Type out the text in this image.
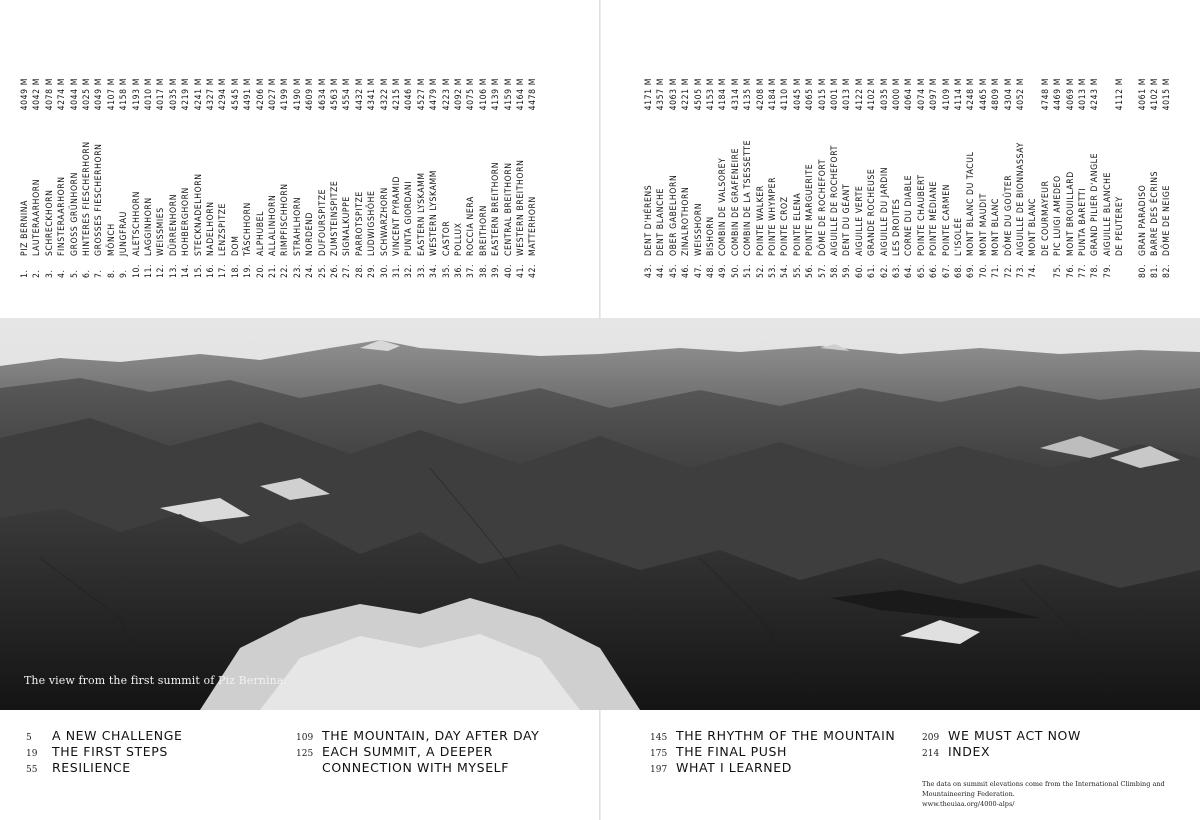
1.
PIZ BERNINA
4049 M
2.
LAUTERAARHORN
4042 M
3.
SCHRECKHORN
4078 M
4.
FINSTERAARHORN
4274 M
5.
GROSS GRÜNHORN
4044 M
6.
HINTERES FIESCHERHORN
4025 M
7.
GROSSES FIESCHERHORN
4049 M
8.
MÖNCH
4107 M
9.
JUNGFRAU
4158 M
10.
ALETSCHHORN
4193 M
11.
LAGGINHORN
4010 M
12.
WEISSMIES
4017 M
13.
DÜRRENHORN
4035 M
14.
HOHBERGHORN
4219 M
15.
STECKNADELHORN
4241 M
16.
NADELHORN
4327 M
17.
LENZSPITZE
4294 M
18.
DOM
4545 M
19.
TÄSCHHORN
4491 M
20.
ALPHUBEL
4206 M
21.
ALLALINHORN
4027 M
22.
RIMPFISCHHORN
4199 M
23.
STRAHLHORN
4190 M
24.
NORDEND
4609 M
25.
DUFOURSPITZE
4634 M
26.
ZUMSTEINSPITZE
4563 M
27.
SIGNALKUPPE
4554 M
28.
PARROTSPITZE
4432 M
29.
LUDWIGSHÖHE
4341 M
30.
SCHWARZHORN
4322 M
31.
VINCENT PYRAMID
4215 M
32.
PUNTA GIORDANI
4046 M
33.
EASTERN LYSKAMM
4527 M
34.
WESTERN LYSKAMM
4479 M
35.
CASTOR
4223 M
36.
POLLUX
4092 M
37.
ROCCIA NERA
4075 M
38.
BREITHORN
4106 M
39.
EASTERN BREITHORN
4139 M
40.
CENTRAL BREITHORN
4159 M
41.
WESTERN BREITHORN
4164 M
42.
MATTERHORN
4478 M
43.
DENT D'HÉRENS
4171 M
44.
DENT BLANCHE
4357 M
45.
OBER GABELHORN
4063 M
46.
ZINALROTHORN
4221 M
47.
WEISSHORN
4505 M
48.
BISHORN
4153 M
49.
COMBIN DE VALSOREY
4184 M
50.
COMBIN DE GRAFENEIRE
4314 M
51.
COMBIN DE LA TSESSETTE
4135 M
52.
POINTE WALKER
4208 M
53.
POINTE WHYMPER
4184 M
54.
POINTE CROZ
4110 M
55.
POINTE ELENA
4045 M
56.
POINTE MARGUERITE
4065 M
57.
DÔME DE ROCHEFORT
4015 M
58.
AIGUILLE DE ROCHEFORT
4001 M
59.
DENT DU GÉANT
4013 M
60.
AIGUILLE VERTE
4122 M
61.
GRANDE ROCHEUSE
4102 M
62.
AIGUILLE DU JARDIN
4035 M
63.
LES DROITES
4000 M
64.
CORNE DU DIABLE
4064 M
65.
POINTE CHAUBERT
4074 M
66.
POINTE MÉDIANE
4097 M
67.
POINTE CARMEN
4109 M
68.
L'ISOLÉE
4114 M
69.
MONT BLANC DU TACUL
4248 M
70.
MONT MAUDIT
4465 M
71.
MONT BLANC
4809 M
72.
DÔME DU GOÛTER
4304 M
73.
AIGUILLE DE BIONNASSAY
4052 M
74.
MONT BLANC DE COURMAYEUR
4748 M
75.
PIC LUIGI AMEDEO
4469 M
76.
MONT BROUILLARD
4069 M
77.
PUNTA BARETTI
4013 M
78.
GRAND PILIER D'ANGLE
4243 M
79.
AIGUILLE BLANCHE DE PEUTEREY
4112 M
80.
GRAN PARADISO
4061 M
81.
BARRE DES ÉCRINS
4102 M
82.
DÔME DE NEIGE
4015 M
The view from the first summit of Piz Bernina.
5	A NEW CHALLENGE
19	THE FIRST STEPS
55	RESILIENCE
109 THE MOUNTAIN, DAY AFTER DAY
125 EACH SUMMIT, A DEEPER
CONNECTION WITH MYSELF
145 THE RHYTHM OF THE MOUNTAIN
175 THE FINAL PUSH
197 WHAT I LEARNED
209 WE MUST ACT NOW
214 INDEX
The data on summit elevations come from the International Climbing and Mountaineering Federation.
www.theuiaa.org/4000-alps/
